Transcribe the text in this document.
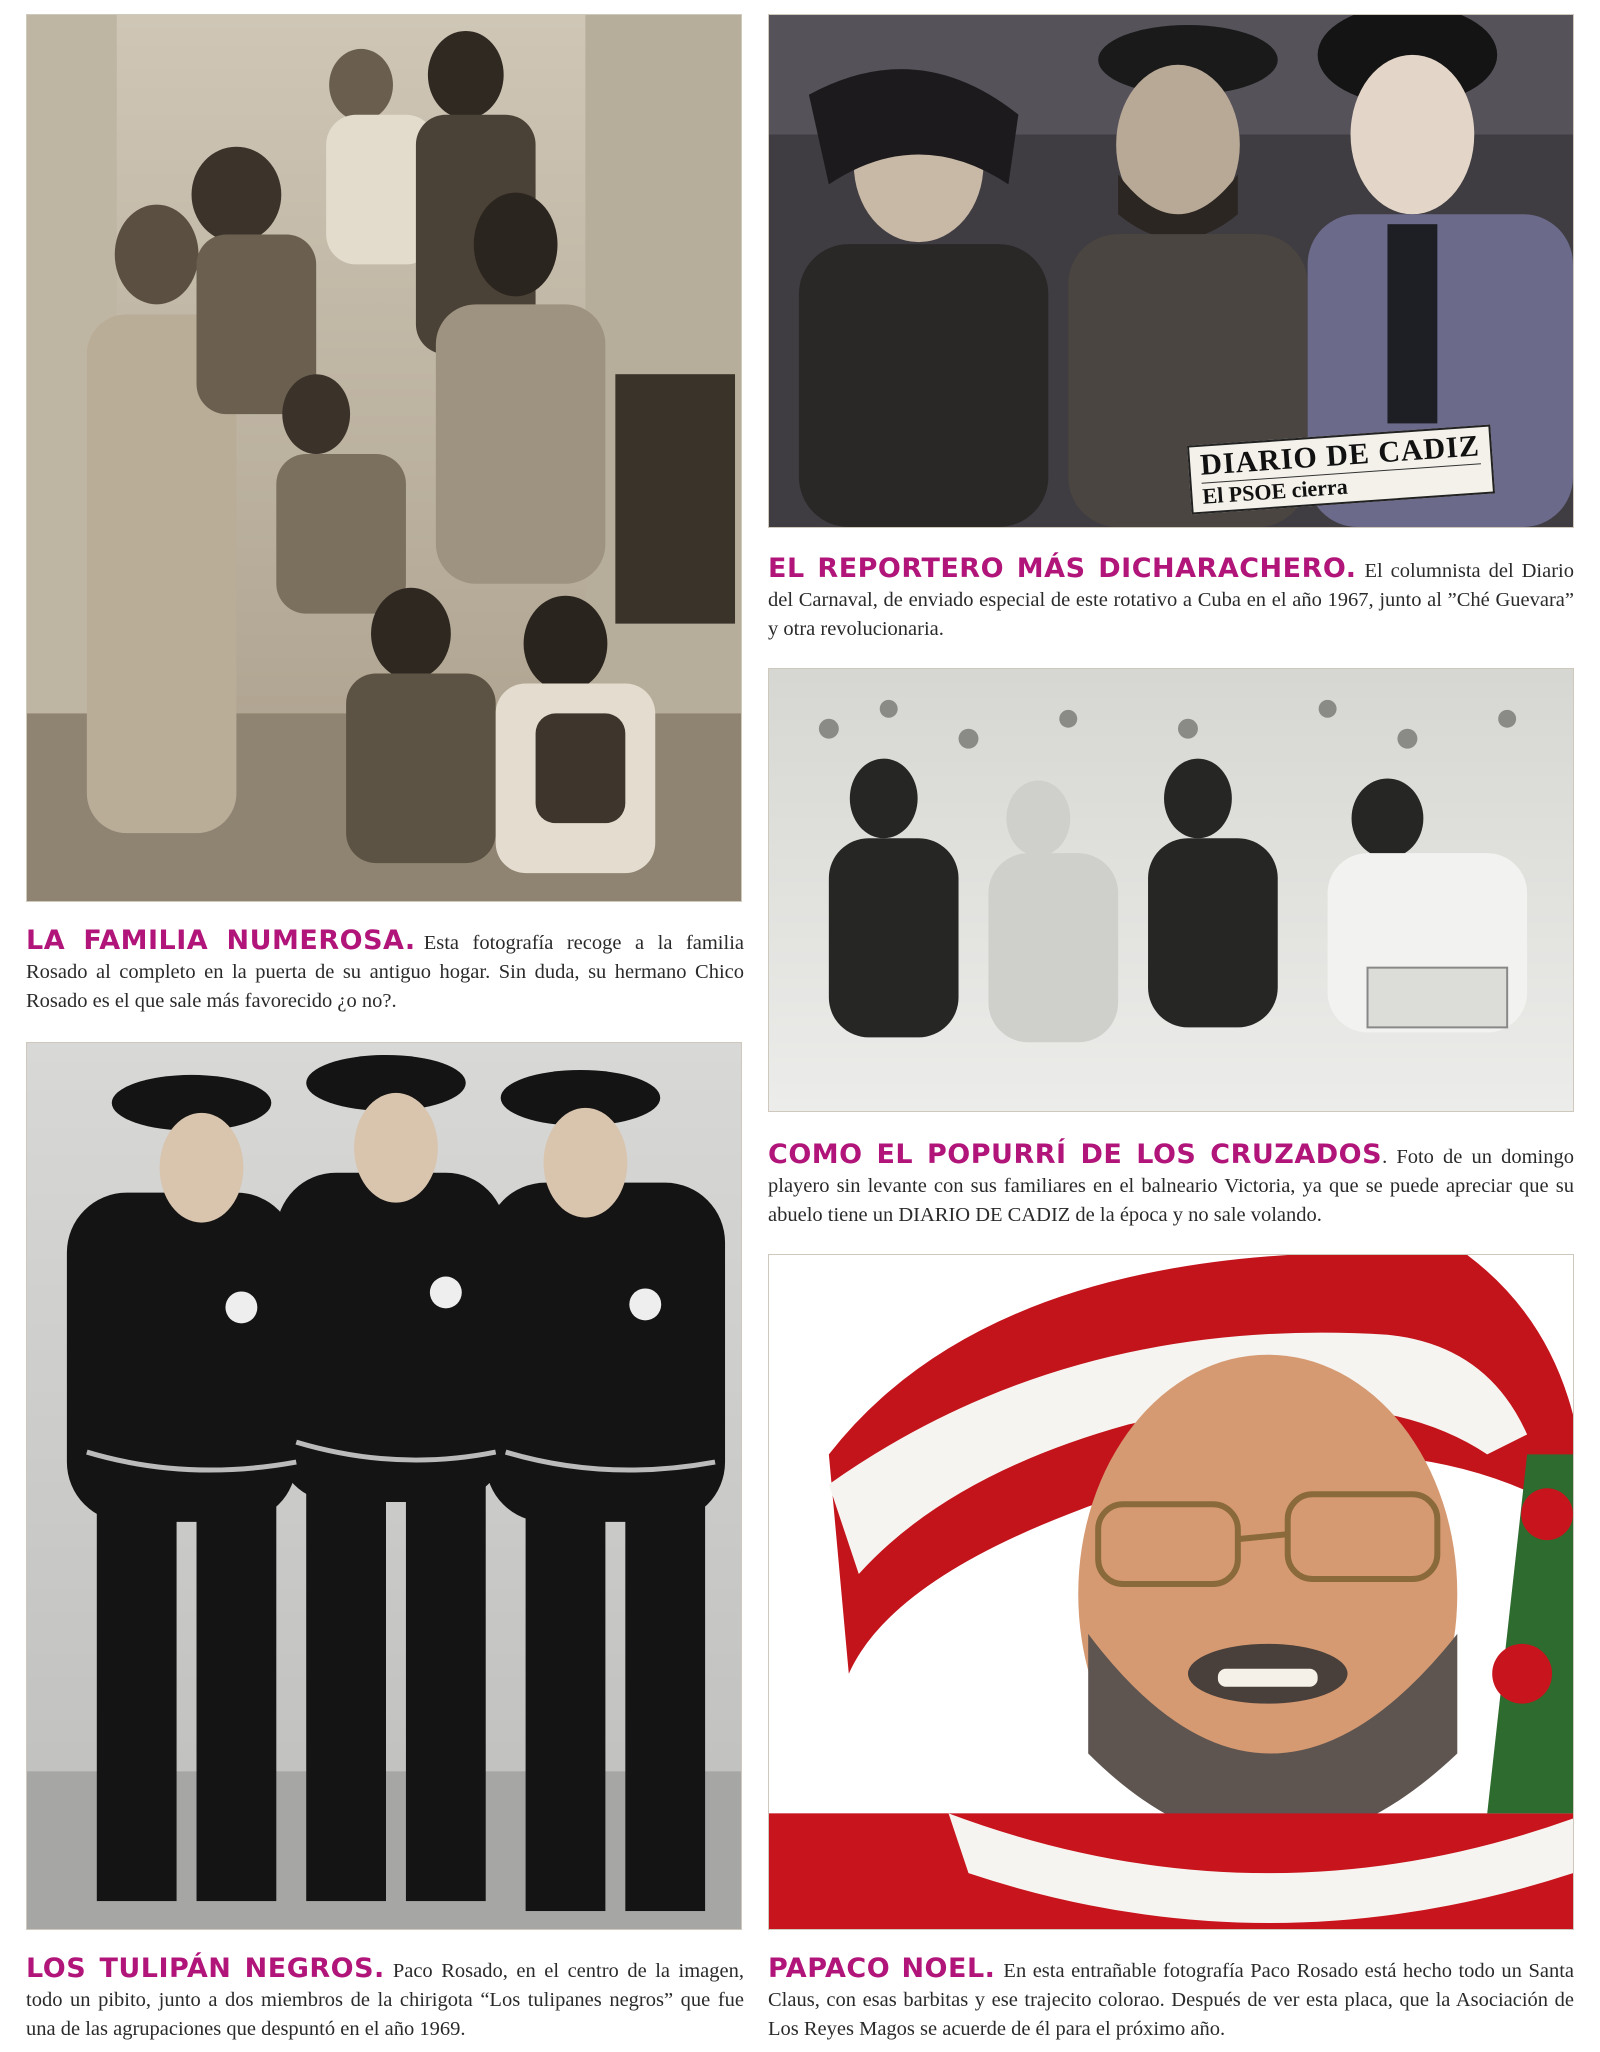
LA FAMILIA NUMEROSA. Esta fotografía recoge a la familia Rosado al completo en la puerta de su antiguo hogar. Sin duda, su hermano Chico Rosado es el que sale más favorecido ¿o no?.

LOS TULIPÁN NEGROS. Paco Rosado, en el centro de la imagen, todo un pibito, junto a dos miembros de la chirigota “Los tulipanes negros” que fue una de las agrupaciones que despuntó en el año 1969.

DIARIO DE CADIZ
El PSOE cierra

EL REPORTERO MÁS DICHARACHERO. El columnista del Diario del Carnaval, de enviado especial de este rotativo a Cuba en el año 1967, junto al ”Ché Guevara” y otra revolucionaria.

COMO EL POPURRÍ DE LOS CRUZADOS. Foto de un domingo playero sin levante con sus familiares en el balneario Victoria, ya que se puede apreciar que su abuelo tiene un DIARIO DE CADIZ de la época y no sale volando.

PAPACO NOEL. En esta entrañable fotografía Paco Rosado está hecho todo un Santa Claus, con esas barbitas y ese trajecito colorao. Después de ver esta placa, que la Asociación de Los Reyes Magos se acuerde de él para el próximo año.
